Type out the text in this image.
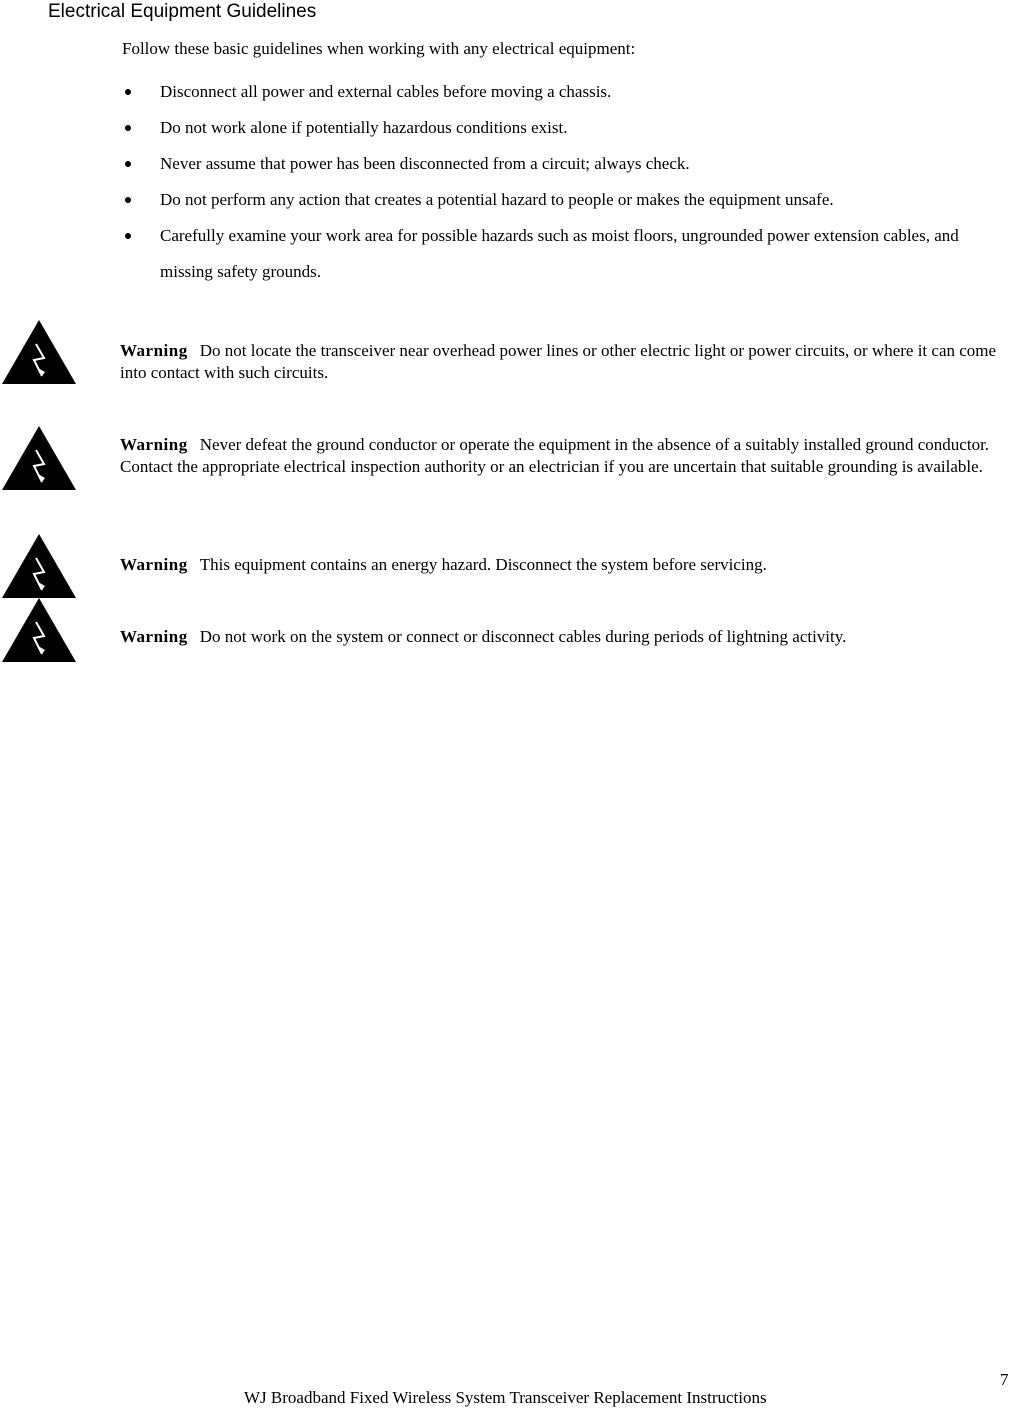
Electrical Equipment Guidelines
Follow these basic guidelines when working with any electrical equipment:
Disconnect all power and external cables before moving a chassis.
Do not work alone if potentially hazardous conditions exist.
Never assume that power has been disconnected from a circuit; always check.
Do not perform any action that creates a potential hazard to people or makes the equipment unsafe.
Carefully examine your work area for possible hazards such as moist floors, ungrounded power extension cables, and missing safety grounds.
Warning Do not locate the transceiver near overhead power lines or other electric light or power circuits, or where it can come into contact with such circuits.
Warning Never defeat the ground conductor or operate the equipment in the absence of a suitably installed ground conductor. Contact the appropriate electrical inspection authority or an electrician if you are uncertain that suitable grounding is available.
Warning This equipment contains an energy hazard. Disconnect the system before servicing.
Warning Do not work on the system or connect or disconnect cables during periods of lightning activity.
7
WJ Broadband Fixed Wireless System Transceiver Replacement Instructions
